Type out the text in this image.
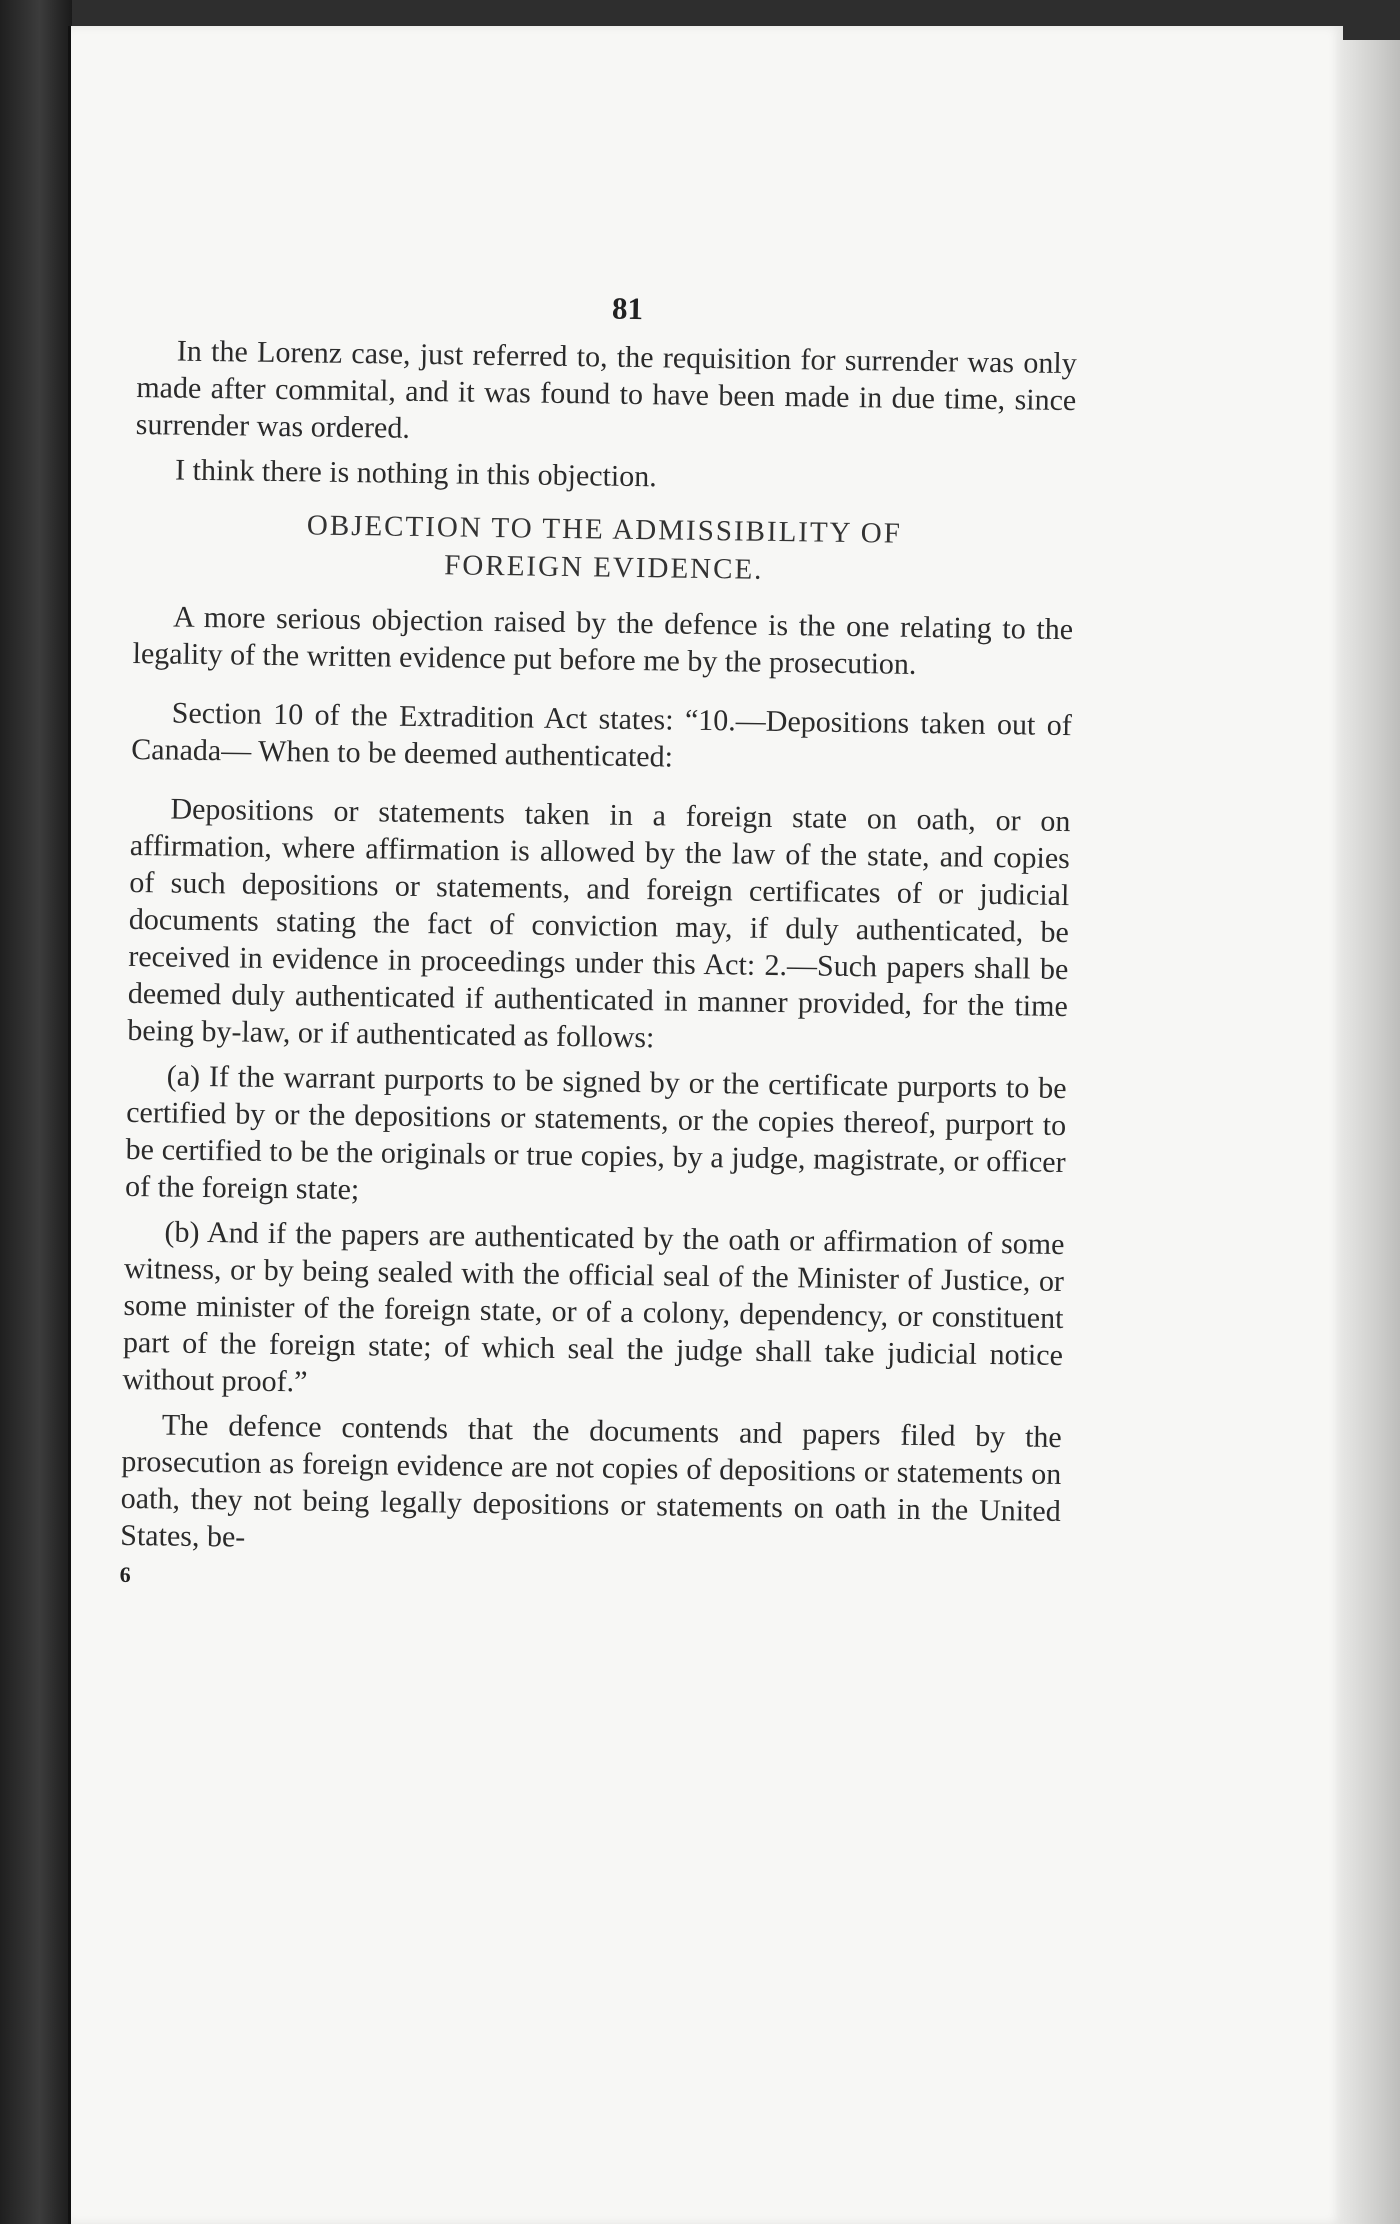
81

In the Lorenz case, just referred to, the requisition for surrender was only made after commital, and it was found to have been made in due time, since surrender was ordered.

I think there is nothing in this objection.

OBJECTION TO THE ADMISSIBILITY OF
FOREIGN EVIDENCE.

A more serious objection raised by the defence is the one relating to the legality of the written evidence put before me by the prosecution.

Section 10 of the Extradition Act states: “10.—Depositions taken out of Canada— When to be deemed authenticated:

Depositions or statements taken in a foreign state on oath, or on affirmation, where affirmation is allowed by the law of the state, and copies of such depositions or statements, and foreign certificates of or judicial documents stating the fact of conviction may, if duly authenticated, be received in evidence in proceedings under this Act: 2.—Such papers shall be deemed duly authenticated if authenticated in manner provided, for the time being by-law, or if authenticated as follows:

(a) If the warrant purports to be signed by or the certificate purports to be certified by or the depositions or statements, or the copies thereof, purport to be certified to be the originals or true copies, by a judge, magistrate, or officer of the foreign state;

(b) And if the papers are authenticated by the oath or affirmation of some witness, or by being sealed with the official seal of the Minister of Justice, or some minister of the foreign state, or of a colony, dependency, or constituent part of the foreign state; of which seal the judge shall take judicial notice without proof.”

The defence contends that the documents and papers filed by the prosecution as foreign evidence are not copies of depositions or statements on oath, they not being legally depositions or statements on oath in the United States, be-

6
